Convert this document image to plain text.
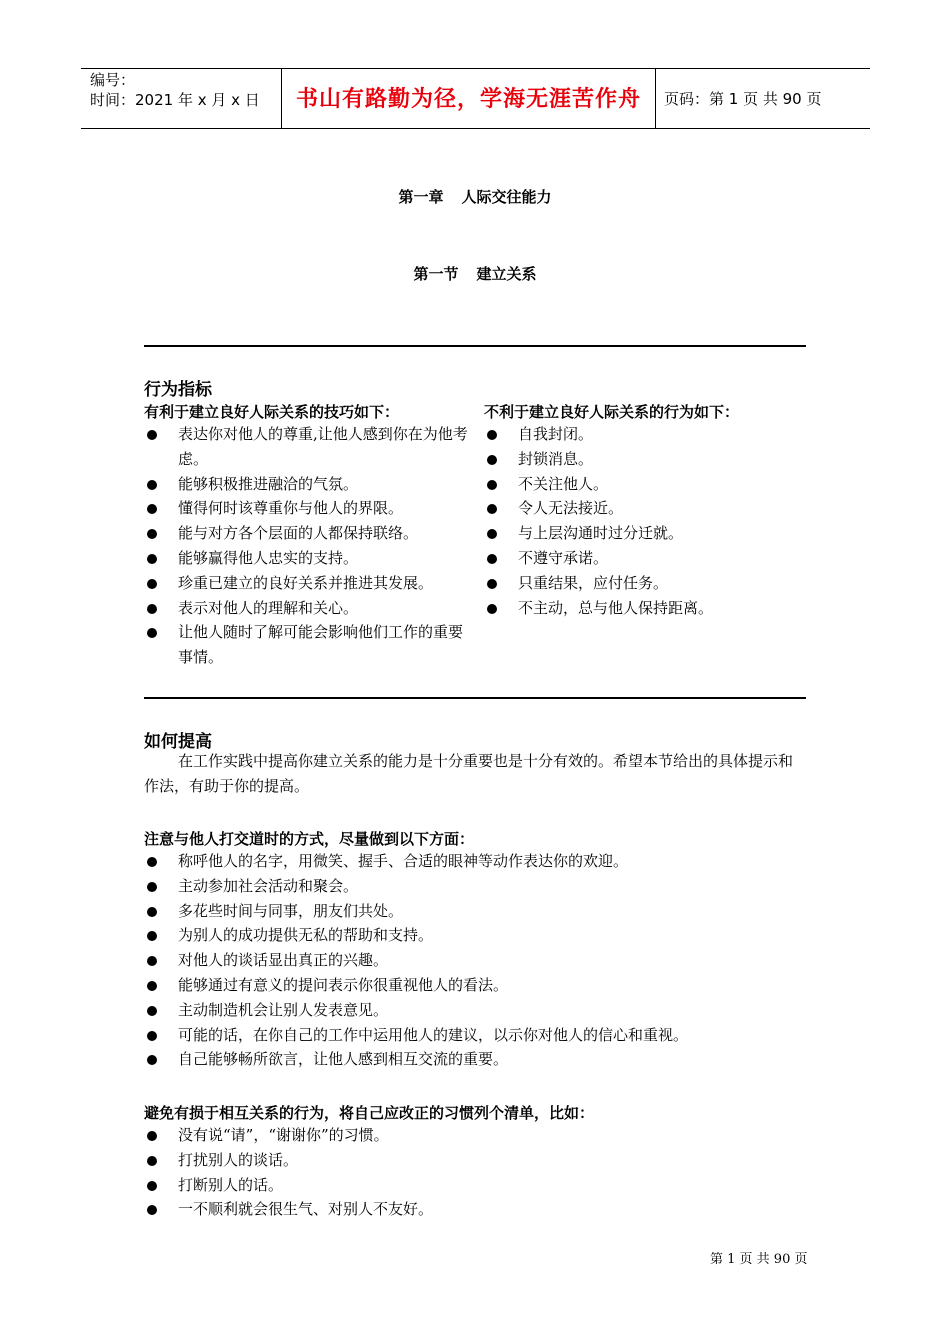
编号：
时间：2021 年 x 月 x 日	书山有路勤为径，学海无涯苦作舟	页码：第 1 页 共 90 页
第一章 人际交往能力
第一节 建立关系
行为指标
有利于建立良好人际关系的技巧如下：	不利于建立良好人际关系的行为如下：
表达你对他人的尊重,让他人感到你在为他考虑。
能够积极推进融洽的气氛。
懂得何时该尊重你与他人的界限。
能与对方各个层面的人都保持联络。
能够赢得他人忠实的支持。
珍重已建立的良好关系并推进其发展。
表示对他人的理解和关心。
让他人随时了解可能会影响他们工作的重要事情。
自我封闭。
封锁消息。
不关注他人。
令人无法接近。
与上层沟通时过分迁就。
不遵守承诺。
只重结果，应付任务。
不主动，总与他人保持距离。
如何提高
在工作实践中提高你建立关系的能力是十分重要也是十分有效的。希望本节给出的具体提示和作法，有助于你的提高。
注意与他人打交道时的方式，尽量做到以下方面：
称呼他人的名字，用微笑、握手、合适的眼神等动作表达你的欢迎。
主动参加社会活动和聚会。
多花些时间与同事，朋友们共处。
为别人的成功提供无私的帮助和支持。
对他人的谈话显出真正的兴趣。
能够通过有意义的提问表示你很重视他人的看法。
主动制造机会让别人发表意见。
可能的话，在你自己的工作中运用他人的建议，以示你对他人的信心和重视。
自己能够畅所欲言，让他人感到相互交流的重要。
避免有损于相互关系的行为，将自己应改正的习惯列个清单，比如：
没有说“请”，“谢谢你”的习惯。
打扰别人的谈话。
打断别人的话。
一不顺利就会很生气、对别人不友好。
第 1 页 共 90 页
